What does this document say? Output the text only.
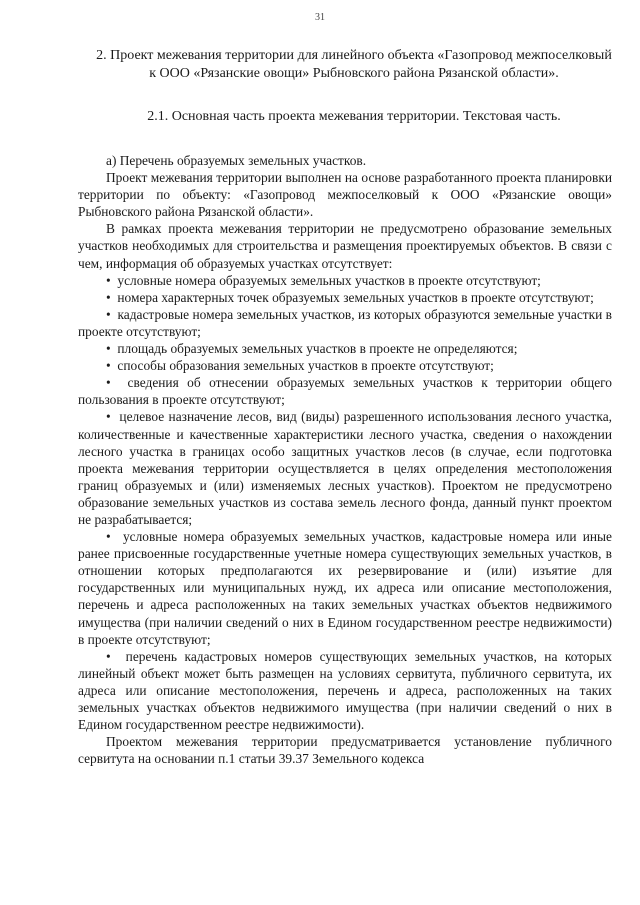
31
2. Проект межевания территории для линейного объекта «Газопровод межпоселковый к ООО «Рязанские овощи» Рыбновского района Рязанской области».
2.1. Основная часть проекта межевания территории. Текстовая часть.

а) Перечень образуемых земельных участков.

Проект межевания территории выполнен на основе разработанного проекта планировки территории по объекту: «Газопровод межпоселковый к ООО «Рязанские овощи» Рыбновского района Рязанской области».

В рамках проекта межевания территории не предусмотрено образование земельных участков необходимых для строительства и размещения проектируемых объектов. В связи с чем, информация об образуемых участках отсутствует:

•  условные номера образуемых земельных участков в проекте отсутствуют;

•  номера характерных точек образуемых земельных участков в проекте отсутствуют;

•  кадастровые номера земельных участков, из которых образуются земельные участки в проекте отсутствуют;

•  площадь образуемых земельных участков в проекте не определяются;

•  способы образования земельных участков в проекте отсутствуют;

•  сведения об отнесении образуемых земельных участков к территории общего пользования в проекте отсутствуют;

•  целевое назначение лесов, вид (виды) разрешенного использования лесного участка, количественные и качественные характеристики лесного участка, сведения о нахождении лесного участка в границах особо защитных участков лесов (в случае, если подготовка проекта межевания территории осуществляется в целях определения местоположения границ образуемых и (или) изменяемых лесных участков). Проектом не предусмотрено образование земельных участков из состава земель лесного фонда, данный пункт проектом не разрабатывается;

•  условные номера образуемых земельных участков, кадастровые номера или иные ранее присвоенные государственные учетные номера существующих земельных участков, в отношении которых предполагаются их резервирование и (или) изъятие для государственных или муниципальных нужд, их адреса или описание местоположения, перечень и адреса расположенных на таких земельных участках объектов недвижимого имущества (при наличии сведений о них в Едином государственном реестре недвижимости) в проекте отсутствуют;

•  перечень кадастровых номеров существующих земельных участков, на которых линейный объект может быть размещен на условиях сервитута, публичного сервитута, их адреса или описание местоположения, перечень и адреса, расположенных на таких земельных участках объектов недвижимого имущества (при наличии сведений о них в Едином государственном реестре недвижимости).

Проектом межевания территории предусматривается установление публичного сервитута на основании п.1 статьи 39.37 Земельного кодекса
